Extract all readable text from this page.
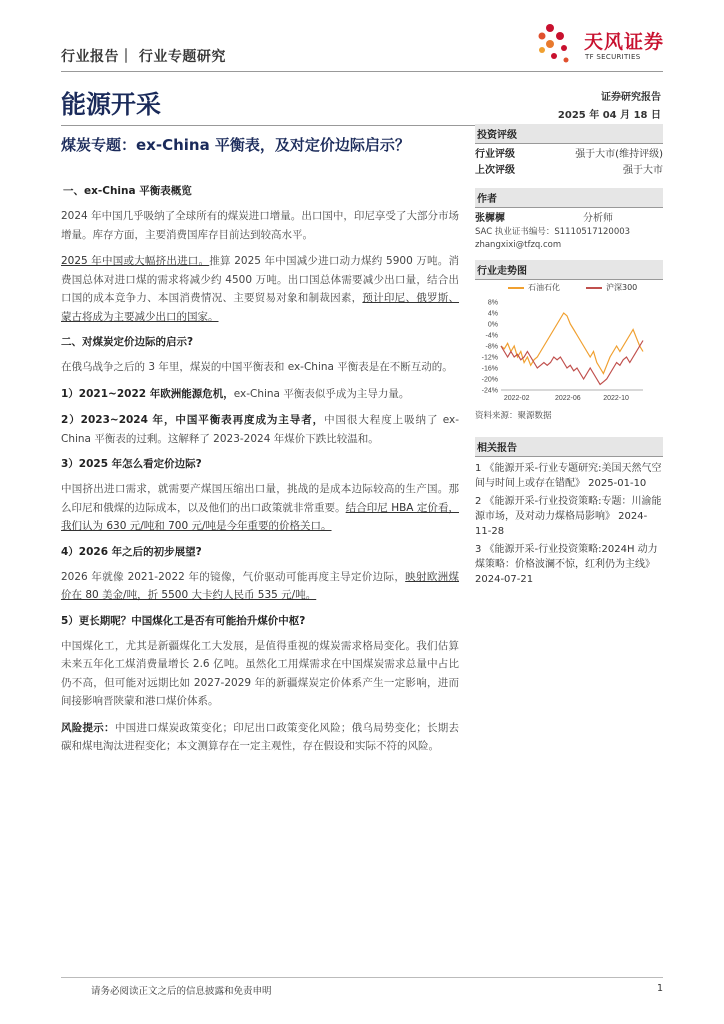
行业报告｜ 行业专题研究
天风证券
TF SECURITIES
能源开采	证券研究报告
2025 年 04 月 18 日
煤炭专题：ex-China 平衡表，及对定价边际启示？
一、ex-China 平衡表概览
2024 年中国几乎吸纳了全球所有的煤炭进口增量。出口国中，印尼享受了大部分市场增量。库存方面，主要消费国库存目前达到较高水平。
2025 年中国或大幅挤出进口。推算 2025 年中国减少进口动力煤约 5900 万吨。消费国总体对进口煤的需求将减少约 4500 万吨。出口国总体需要减少出口量，结合出口国的成本竞争力、本国消费情况、主要贸易对象和制裁因素，预计印尼、俄罗斯、蒙古将成为主要减少出口的国家。
二、对煤炭定价边际的启示?
在俄乌战争之后的 3 年里，煤炭的中国平衡表和 ex-China 平衡表是在不断互动的。
1）2021~2022 年欧洲能源危机，ex-China 平衡表似乎成为主导力量。
2）2023~2024 年，中国平衡表再度成为主导者，中国很大程度上吸纳了 ex-China 平衡表的过剩。这解释了 2023-2024 年煤价下跌比较温和。
3）2025 年怎么看定价边际?
中国挤出进口需求，就需要产煤国压缩出口量，挑战的是成本边际较高的生产国。那么印尼和俄煤的边际成本，以及他们的出口政策就非常重要。结合印尼 HBA 定价看，我们认为 630 元/吨和 700 元/吨是今年重要的价格关口。
4）2026 年之后的初步展望?
2026 年就像 2021-2022 年的镜像，气价驱动可能再度主导定价边际，映射欧洲煤价在 80 美金/吨，折 5500 大卡约人民币 535 元/吨。
5）更长期呢？中国煤化工是否有可能抬升煤价中枢?
中国煤化工，尤其是新疆煤化工大发展，是值得重视的煤炭需求格局变化。我们估算未来五年化工煤消费量增长 2.6 亿吨。虽然化工用煤需求在中国煤炭需求总量中占比仍不高，但可能对远期比如 2027-2029 年的新疆煤炭定价体系产生一定影响，进而间接影响晋陕蒙和港口煤价体系。
风险提示：中国进口煤炭政策变化；印尼出口政策变化风险；俄乌局势变化；长期去碳和煤电淘汰进程变化；本文测算存在一定主观性，存在假设和实际不符的风险。
投资评级
行业评级	强于大市(维持评级)
上次评级	强于大市
作者
张樨樨	分析师
SAC 执业证书编号：S1110517120003
zhangxixi@tfzq.com
行业走势图
石油石化	沪深300
8%
4%
0%
-4%
-8%
-12%
-16%
-20%
-24%
2022-02	2022-06	2022-10
资料来源：聚源数据
相关报告
1 《能源开采-行业专题研究:美国天然气空间与时间上或存在错配》 2025-01-10
2 《能源开采-行业投资策略:专题：川渝能源市场，及对动力煤格局影响》 2024-11-28
3 《能源开采-行业投资策略:2024H 动力煤策略：价格波澜不惊，红利仍为主线》 2024-07-21
请务必阅读正文之后的信息披露和免责申明	1
